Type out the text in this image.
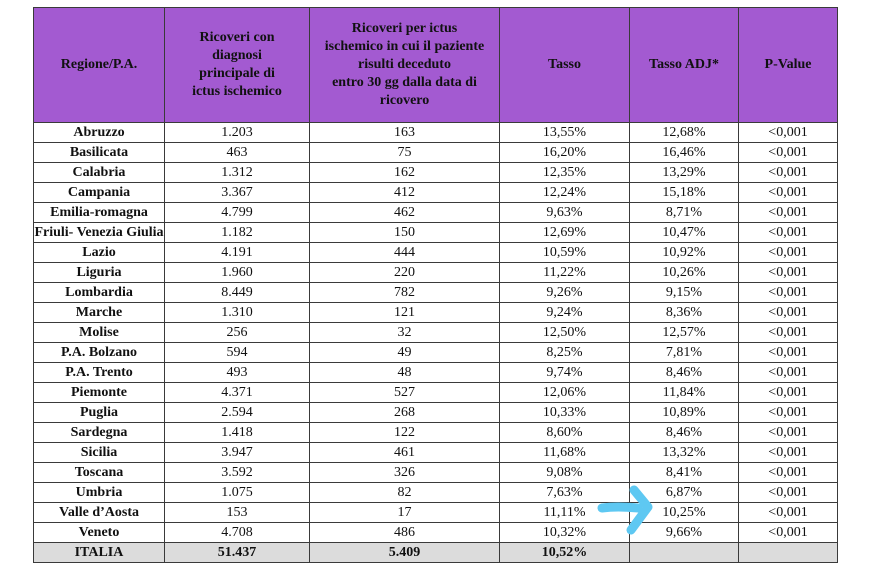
Regione/P.A.	Ricoveri con
diagnosi
principale di
ictus ischemico	Ricoveri per ictus
ischemico in cui il paziente
risulti deceduto
entro 30 gg dalla data di
ricovero	Tasso	Tasso ADJ*	P-Value
Abruzzo	1.203	163	13,55%	12,68%	<0,001
Basilicata	463	75	16,20%	16,46%	<0,001
Calabria	1.312	162	12,35%	13,29%	<0,001
Campania	3.367	412	12,24%	15,18%	<0,001
Emilia-romagna	4.799	462	9,63%	8,71%	<0,001
Friuli- Venezia Giulia	1.182	150	12,69%	10,47%	<0,001
Lazio	4.191	444	10,59%	10,92%	<0,001
Liguria	1.960	220	11,22%	10,26%	<0,001
Lombardia	8.449	782	9,26%	9,15%	<0,001
Marche	1.310	121	9,24%	8,36%	<0,001
Molise	256	32	12,50%	12,57%	<0,001
P.A. Bolzano	594	49	8,25%	7,81%	<0,001
P.A. Trento	493	48	9,74%	8,46%	<0,001
Piemonte	4.371	527	12,06%	11,84%	<0,001
Puglia	2.594	268	10,33%	10,89%	<0,001
Sardegna	1.418	122	8,60%	8,46%	<0,001
Sicilia	3.947	461	11,68%	13,32%	<0,001
Toscana	3.592	326	9,08%	8,41%	<0,001
Umbria	1.075	82	7,63%	6,87%	<0,001
Valle d’Aosta	153	17	11,11%	10,25%	<0,001
Veneto	4.708	486	10,32%	9,66%	<0,001
ITALIA	51.437	5.409	10,52%		
